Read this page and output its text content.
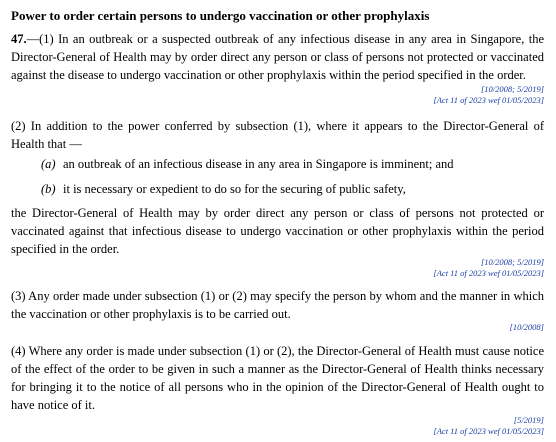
Power to order certain persons to undergo vaccination or other prophylaxis
47.—(1) In an outbreak or a suspected outbreak of any infectious disease in any area in Singapore, the Director-General of Health may by order direct any person or class of persons not protected or vaccinated against the disease to undergo vaccination or other prophylaxis within the period specified in the order.
[10/2008; 5/2019]
[Act 11 of 2023 wef 01/05/2023]
(2) In addition to the power conferred by subsection (1), where it appears to the Director-General of Health that —
(a) an outbreak of an infectious disease in any area in Singapore is imminent; and
(b) it is necessary or expedient to do so for the securing of public safety,
the Director-General of Health may by order direct any person or class of persons not protected or vaccinated against that infectious disease to undergo vaccination or other prophylaxis within the period specified in the order.
[10/2008; 5/2019]
[Act 11 of 2023 wef 01/05/2023]
(3) Any order made under subsection (1) or (2) may specify the person by whom and the manner in which the vaccination or other prophylaxis is to be carried out.
[10/2008]
(4) Where any order is made under subsection (1) or (2), the Director-General of Health must cause notice of the effect of the order to be given in such a manner as the Director-General of Health thinks necessary for bringing it to the notice of all persons who in the opinion of the Director-General of Health ought to have notice of it.
[5/2019]
[Act 11 of 2023 wef 01/05/2023]
